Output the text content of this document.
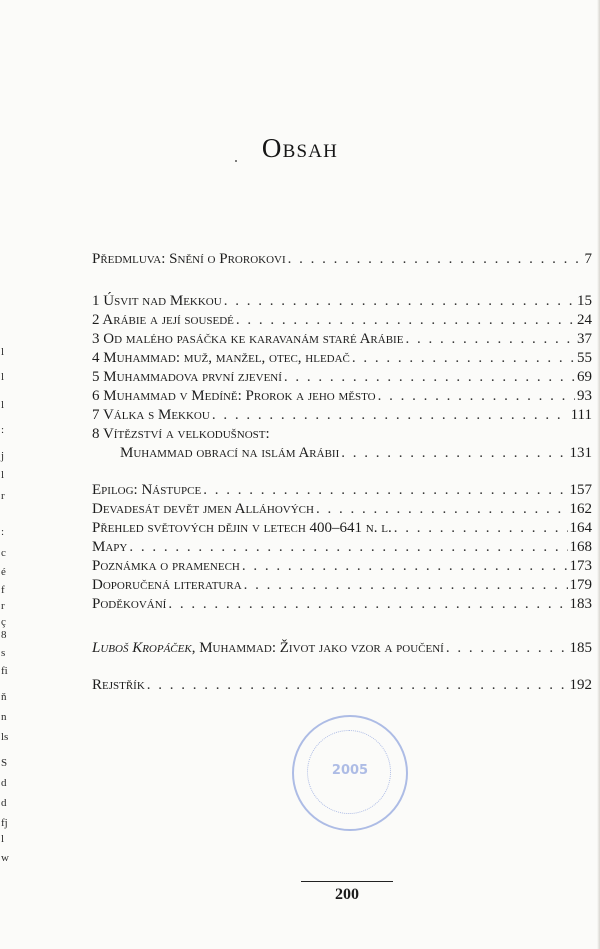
l
l
l
:
j
l
r
:
c
é
f
r
ç
8
s
fi
ň
n
ls
S
d
d
fj
l
w
Obsah
Předmluva: Snění o Prorokovi . . .	7
1 Úsvit nad Mekkou . . .	15
2 Arábie a její sousedé . . .	24
3 Od malého pasáčka ke karavanám staré Arábie . . .	37
4 Muhammad: muž, manžel, otec, hledač . . .	55
5 Muhammadova první zjevení . . .	69
6 Muhammad v Medíně: Prorok a jeho město . . .	93
7 Válka s Mekkou . . .	111
8 Vítězství a velkodušnost:
Muhammad obrací na islám Arábii . . .	131
Epilog: Nástupce . . .	157
Devadesát devět jmen Alláhových . . .	162
Přehled světových dějin v letech 400–641 n. l. . . .	164
Mapy . . .	168
Poznámka o pramenech . . .	173
Doporučená literatura . . .	179
Poděkování . . .	183
Luboš Kropáček, Muhammad: Život jako vzor a poučení . . .	185
Rejstřík . . .	192
2005
200
